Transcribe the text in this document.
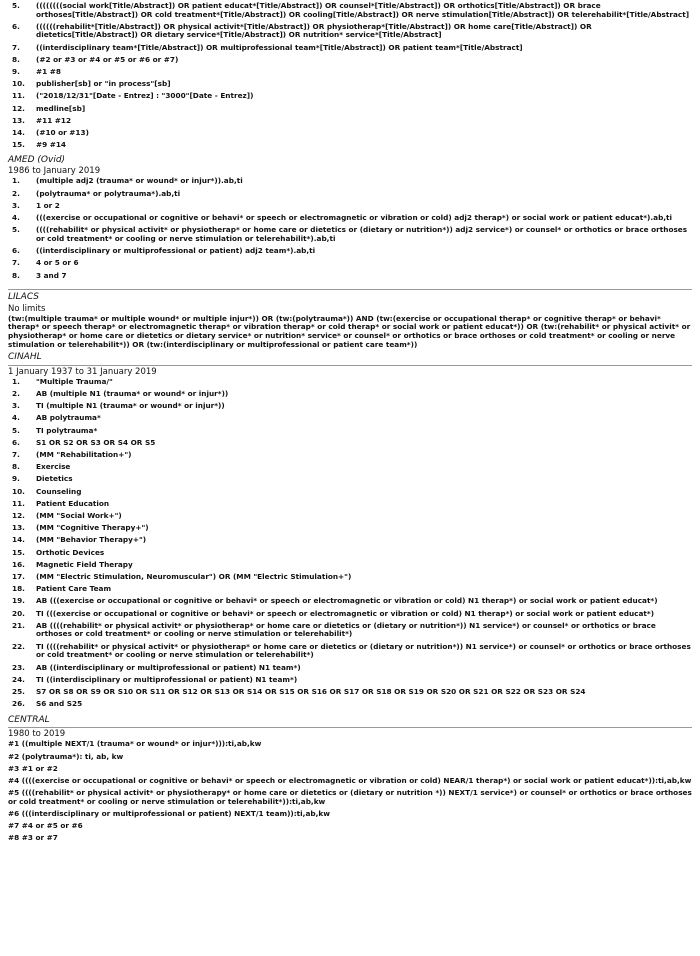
5.	((((((((social work[Title/Abstract]) OR patient educat*[Title/Abstract]) OR counsel*[Title/Abstract]) OR orthotics[Title/Abstract]) OR brace orthoses[Title/Abstract]) OR cold treatment*[Title/Abstract]) OR cooling[Title/Abstract]) OR nerve stimulation[Title/Abstract]) OR telerehabilit*[Title/Abstract]
6.	((((((rehabilit*[Title/Abstract]) OR physical activit*[Title/Abstract]) OR physiotherap*[Title/Abstract]) OR home care[Title/Abstract]) OR dietetics[Title/Abstract]) OR dietary service*[Title/Abstract]) OR nutrition* service*[Title/Abstract]
7.	((interdisciplinary team*[Title/Abstract]) OR multiprofessional team*[Title/Abstract]) OR patient team*[Title/Abstract]
8.	(#2 or #3 or #4 or #5 or #6 or #7)
9.	#1 #8
10.	publisher[sb] or "in process"[sb]
11.	("2018/12/31"[Date - Entrez] : "3000"[Date - Entrez])
12.	medline[sb]
13.	#11 #12
14.	(#10 or #13)
15.	#9 #14
AMED (Ovid)
1986 to January 2019
1.	(multiple adj2 (trauma* or wound* or injur*)).ab,ti
2.	(polytrauma* or polytrauma*).ab,ti
3.	1 or 2
4.	(((exercise or occupational or cognitive or behavi* or speech or electromagnetic or vibration or cold) adj2 therap*) or social work or patient educat*).ab,ti
5.	((((rehabilit* or physical activit* or physiotherap* or home care or dietetics or (dietary or nutrition*)) adj2 service*) or counsel* or orthotics or brace orthoses or cold treatment* or cooling or nerve stimulation or telerehabilit*).ab,ti
6.	((interdisciplinary or multiprofessional or patient) adj2 team*).ab,ti
7.	4 or 5 or 6
8.	3 and 7
LILACS
No limits
(tw:(multiple trauma* or multiple wound* or multiple injur*)) OR (tw:(polytrauma*)) AND (tw:(exercise or occupational therap* or cognitive therap* or behavi* therap* or speech therap* or electromagnetic therap* or vibration therap* or cold therap* or social work or patient educat*)) OR (tw:(rehabilit* or physical activit* or physiotherap* or home care or dietetics or dietary service* or nutrition* service* or counsel* or orthotics or brace orthoses or cold treatment* or cooling or nerve stimulation or telerehabilit*)) OR (tw:(interdisciplinary or multiprofessional or patient care team*))
CINAHL
1 January 1937 to 31 January 2019
1.	"Multiple Trauma/"
2.	AB (multiple N1 (trauma* or wound* or injur*))
3.	TI (multiple N1 (trauma* or wound* or injur*))
4.	AB polytrauma*
5.	TI polytrauma*
6.	S1 OR S2 OR S3 OR S4 OR S5
7.	(MM "Rehabilitation+")
8.	Exercise
9.	Dietetics
10.	Counseling
11.	Patient Education
12.	(MM "Social Work+")
13.	(MM "Cognitive Therapy+")
14.	(MM "Behavior Therapy+")
15.	Orthotic Devices
16.	Magnetic Field Therapy
17.	(MM "Electric Stimulation, Neuromuscular") OR (MM "Electric Stimulation+")
18.	Patient Care Team
19.	AB (((exercise or occupational or cognitive or behavi* or speech or electromagnetic or vibration or cold) N1 therap*) or social work or patient educat*)
20.	TI (((exercise or occupational or cognitive or behavi* or speech or electromagnetic or vibration or cold) N1 therap*) or social work or patient educat*)
21.	AB ((((rehabilit* or physical activit* or physiotherap* or home care or dietetics or (dietary or nutrition*)) N1 service*) or counsel* or orthotics or brace orthoses or cold treatment* or cooling or nerve stimulation or telerehabilit*)
22.	TI ((((rehabilit* or physical activit* or physiotherap* or home care or dietetics or (dietary or nutrition*)) N1 service*) or counsel* or orthotics or brace orthoses or cold treatment* or cooling or nerve stimulation or telerehabilit*)
23.	AB ((interdisciplinary or multiprofessional or patient) N1 team*)
24.	TI ((interdisciplinary or multiprofessional or patient) N1 team*)
25.	S7 OR S8 OR S9 OR S10 OR S11 OR S12 OR S13 OR S14 OR S15 OR S16 OR S17 OR S18 OR S19 OR S20 OR S21 OR S22 OR S23 OR S24
26.	S6 and S25
CENTRAL
1980 to 2019
#1 ((multiple NEXT/1 (trauma* or wound* or injur*))):ti,ab,kw
#2 (polytrauma*): ti, ab, kw
#3 #1 or #2
#4 ((((exercise or occupational or cognitive or behavi* or speech or electromagnetic or vibration or cold) NEAR/1 therap*) or social work or patient educat*)):ti,ab,kw
#5 ((((rehabilit* or physical activit* or physiotherapy* or home care or dietetics or (dietary or nutrition *)) NEXT/1 service*) or counsel* or orthotics or brace orthoses or cold treatment* or cooling or nerve stimulation or telerehabilit*)):ti,ab,kw
#6 (((interdisciplinary or multiprofessional or patient) NEXT/1 team)):ti,ab,kw
#7 #4 or #5 or #6
#8 #3 or #7
